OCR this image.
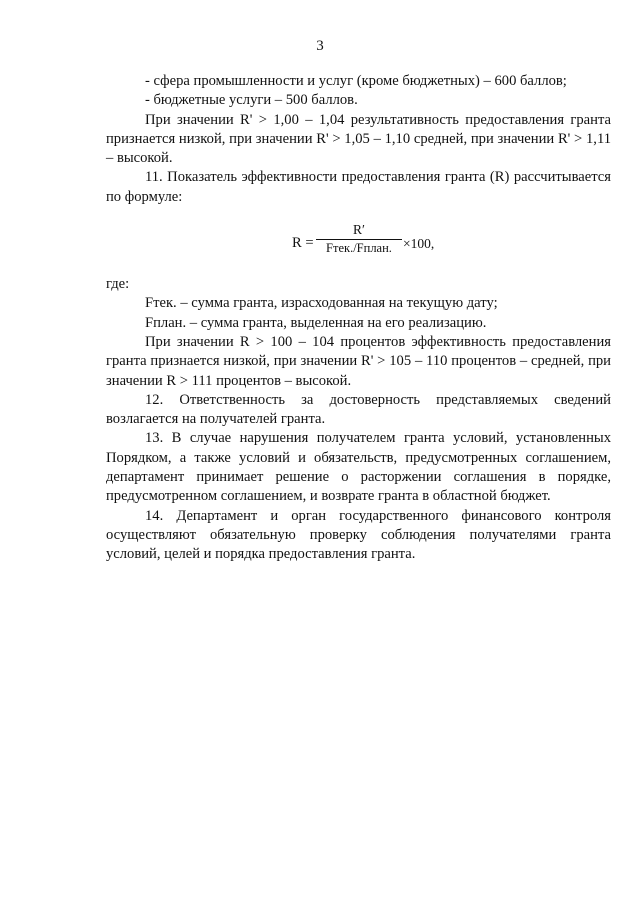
3

- сфера промышленности и услуг (кроме бюджетных) – 600 баллов;

- бюджетные услуги – 500 баллов.

При значении R' > 1,00 – 1,04 результативность предоставления гранта признается низкой, при значении R' > 1,05 – 1,10 средней, при значении R' > 1,11 – высокой.

11. Показатель эффективности предоставления гранта (R) рассчитывается по формуле:

R =
R′
Fтек./Fплан. ×100,

где:

Fтек. – сумма гранта, израсходованная на текущую дату;

Fплан. – сумма гранта, выделенная на его реализацию.

При значении R > 100 – 104 процентов эффективность предоставления гранта признается низкой, при значении R' > 105 – 110 процентов – средней, при значении R > 111 процентов – высокой.

12. Ответственность за достоверность представляемых сведений возлагается на получателей гранта.

13. В случае нарушения получателем гранта условий, установленных Порядком, а также условий и обязательств, предусмотренных соглашением, департамент принимает решение о расторжении соглашения в порядке, предусмотренном соглашением, и возврате гранта в областной бюджет.

14. Департамент и орган государственного финансового контроля осуществляют обязательную проверку соблюдения получателями гранта условий, целей и порядка предоставления гранта.
